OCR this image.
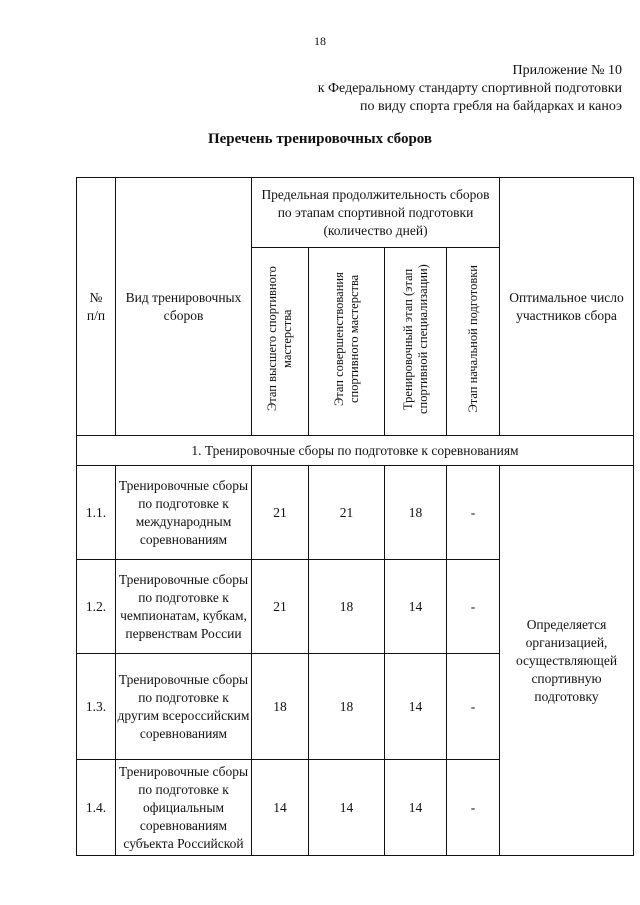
18
Приложение № 10
к Федеральному стандарту спортивной подготовки
по виду спорта гребля на байдарках и каноэ
Перечень тренировочных сборов
№ п/п	Вид тренировочных сборов	Предельная продолжительность сборов по этапам спортивной подготовки (количество дней)				Оптимальное число участников сбора
		Этап высшего спортивного мастерства	Этап совершенствования спортивного мастерства	Тренировочный этап (этап спортивной специализации)	Этап начальной подготовки	
1. Тренировочные сборы по подготовке к соревнованиям						
1.1.	Тренировочные сборы по подготовке к международным соревнованиям	21	21	18	-	Определяется организацией, осуществляющей спортивную подготовку
1.2.	Тренировочные сборы по подготовке к чемпионатам, кубкам, первенствам России	21	18	14	-	
1.3.	Тренировочные сборы по подготовке к другим всероссийским соревнованиям	18	18	14	-	
1.4.	Тренировочные сборы по подготовке к официальным соревнованиям субъекта Российской	14	14	14	-	
